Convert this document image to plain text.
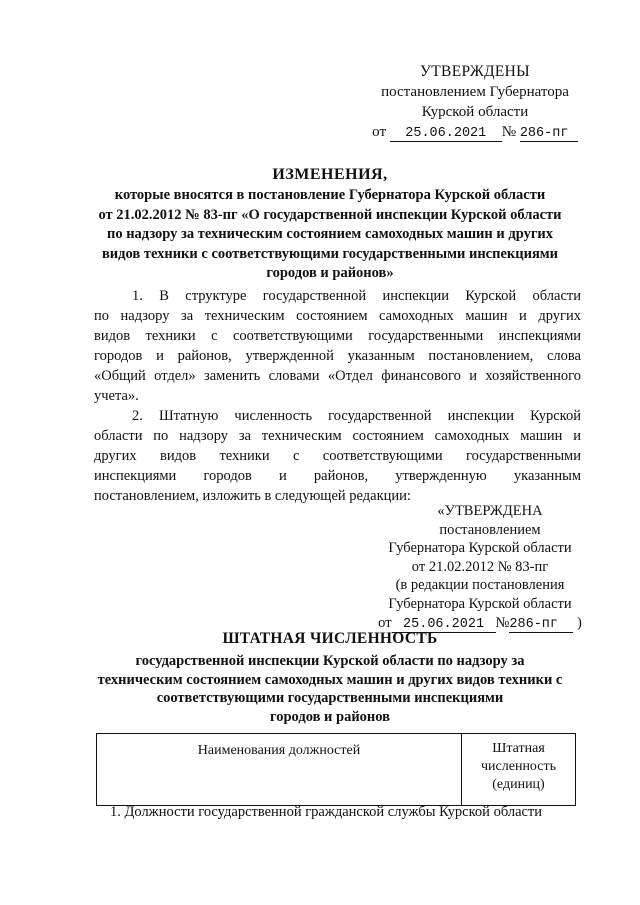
УТВЕРЖДЕНЫ
постановлением Губернатора
Курской области
от 25.06.2021 № 286-пг
ИЗМЕНЕНИЯ,
которые вносятся в постановление Губернатора Курской области
от 21.02.2012 № 83-пг «О государственной инспекции Курской области
по надзору за техническим состоянием самоходных машин и других
видов техники с соответствующими государственными инспекциями
городов и районов»
1. В структуре государственной инспекции Курской области
по надзору за техническим состоянием самоходных машин и других
видов техники с соответствующими государственными инспекциями
городов и районов, утвержденной указанным постановлением, слова
«Общий отдел» заменить словами «Отдел финансового и хозяйственного
учета».
2. Штатную численность государственной инспекции Курской
области по надзору за техническим состоянием самоходных машин и
других видов техники с соответствующими государственными
инспекциями городов и районов, утвержденную указанным
постановлением, изложить в следующей редакции:
«УТВЕРЖДЕНА
постановлением
Губернатора Курской области
от 21.02.2012 № 83-пг
(в редакции постановления
Губернатора Курской области
от 25.06.2021 №286-пг )
ШТАТНАЯ ЧИСЛЕННОСТЬ
государственной инспекции Курской области по надзору за
техническим состоянием самоходных машин и других видов техники с
соответствующими государственными инспекциями
городов и районов
Наименования должностей	Штатная
численность
(единиц)
1. Должности государственной гражданской службы Курской области
